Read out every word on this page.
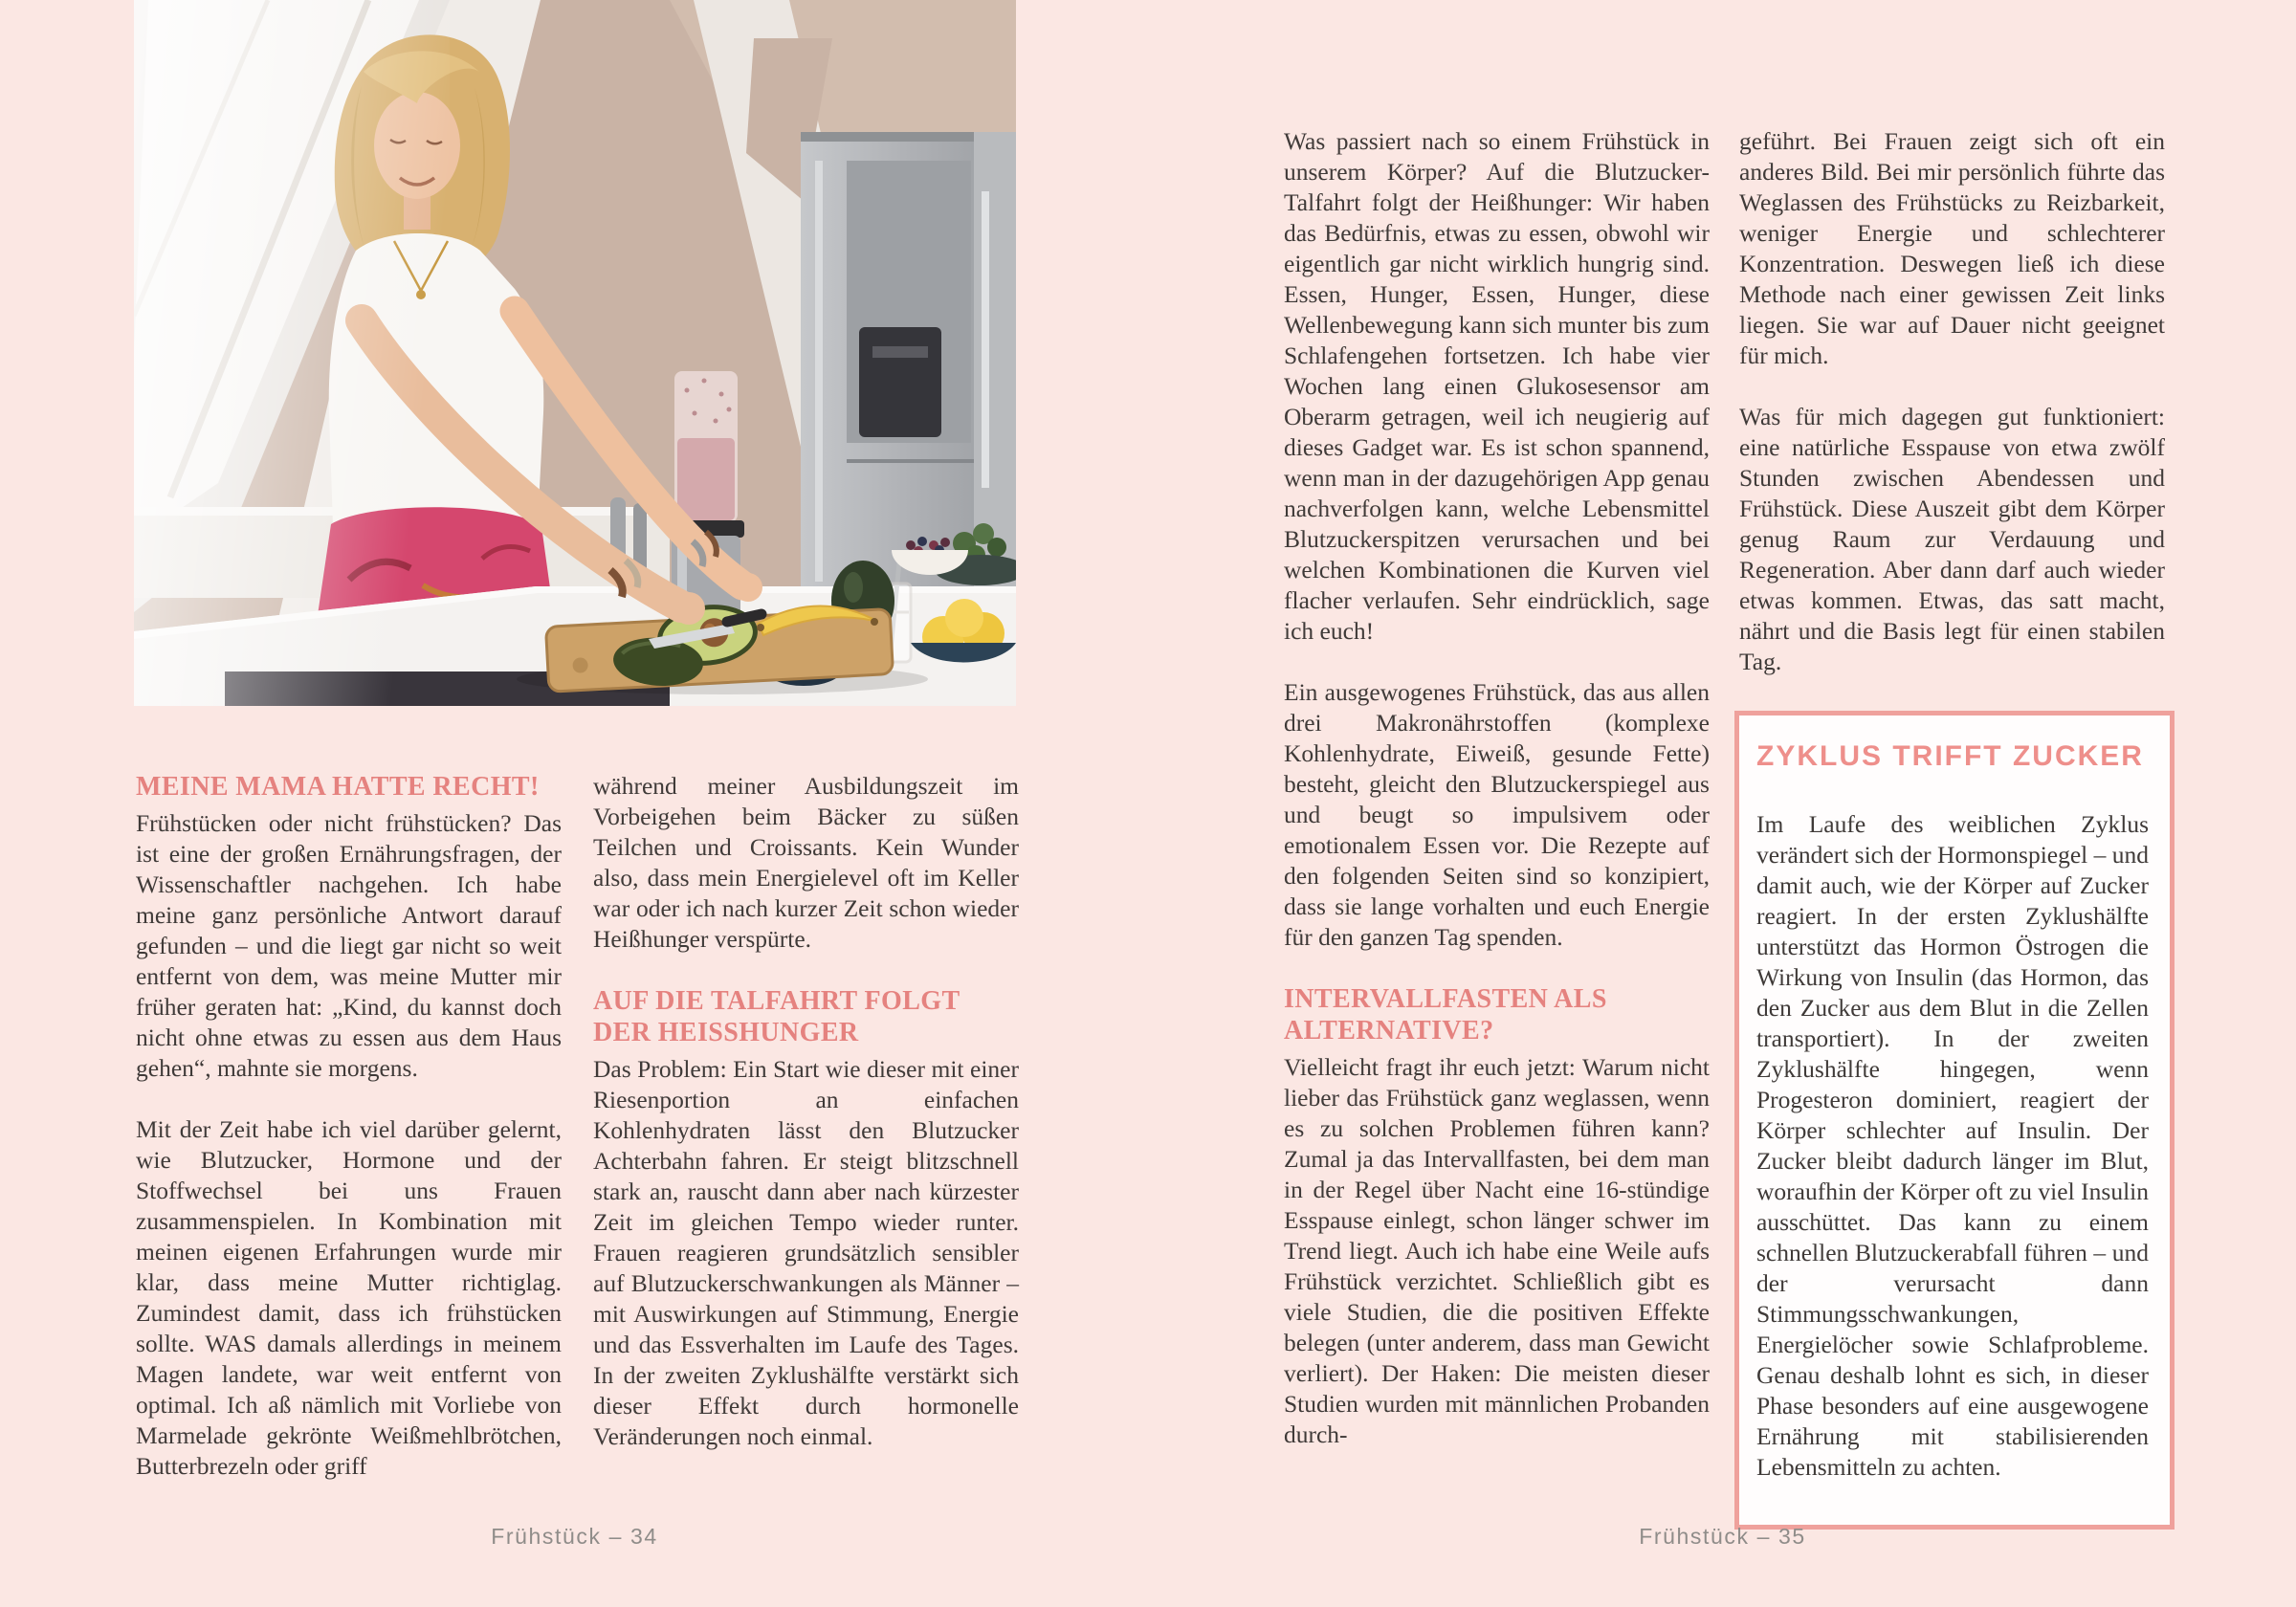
MEINE MAMA HATTE RECHT!

Frühstücken oder nicht frühstücken? Das ist eine der großen Ernährungsfragen, der Wissenschaftler nachgehen. Ich habe meine ganz persönliche Antwort darauf gefunden – und die liegt gar nicht so weit entfernt von dem, was meine Mutter mir früher geraten hat: „Kind, du kannst doch nicht ohne etwas zu essen aus dem Haus gehen“, mahnte sie morgens.

Mit der Zeit habe ich viel darüber gelernt, wie Blutzucker, Hormone und der Stoffwechsel bei uns Frauen zusammenspielen. In Kombination mit meinen eigenen Erfahrungen wurde mir klar, dass meine Mutter richtiglag. Zumindest damit, dass ich frühstücken sollte. WAS damals allerdings in meinem Magen landete, war weit entfernt von optimal. Ich aß nämlich mit Vorliebe von Marmelade gekrönte Weißmehlbrötchen, Butterbrezeln oder griff

während meiner Ausbildungszeit im Vorbeigehen beim Bäcker zu süßen Teilchen und Croissants. Kein Wunder also, dass mein Energielevel oft im Keller war oder ich nach kurzer Zeit schon wieder Heißhunger verspürte.

AUF DIE TALFAHRT FOLGT DER HEISSHUNGER

Das Problem: Ein Start wie dieser mit einer Riesenportion an einfachen Kohlenhydraten lässt den Blutzucker Achterbahn fahren. Er steigt blitzschnell stark an, rauscht dann aber nach kürzester Zeit im gleichen Tempo wieder runter. Frauen reagieren grundsätzlich sensibler auf Blutzuckerschwankungen als Männer – mit Auswirkungen auf Stimmung, Energie und das Essverhalten im Laufe des Tages. In der zweiten Zyklushälfte verstärkt sich dieser Effekt durch hormonelle Veränderungen noch einmal.

Was passiert nach so einem Frühstück in unserem Körper? Auf die Blutzucker-Talfahrt folgt der Heißhunger: Wir haben das Bedürfnis, etwas zu essen, obwohl wir eigentlich gar nicht wirklich hungrig sind. Essen, Hunger, Essen, Hunger, diese Wellenbewegung kann sich munter bis zum Schlafengehen fortsetzen. Ich habe vier Wochen lang einen Glukosesensor am Oberarm getragen, weil ich neugierig auf dieses Gadget war. Es ist schon spannend, wenn man in der dazugehörigen App genau nachverfolgen kann, welche Lebensmittel Blutzuckerspitzen verursachen und bei welchen Kombinationen die Kurven viel flacher verlaufen. Sehr eindrücklich, sage ich euch!

Ein ausgewogenes Frühstück, das aus allen drei Makronährstoffen (komplexe Kohlenhydrate, Eiweiß, gesunde Fette) besteht, gleicht den Blutzuckerspiegel aus und beugt so impulsivem oder emotionalem Essen vor. Die Rezepte auf den folgenden Seiten sind so konzipiert, dass sie lange vorhalten und euch Energie für den ganzen Tag spenden.

INTERVALLFASTEN ALS ALTERNATIVE?

Vielleicht fragt ihr euch jetzt: Warum nicht lieber das Frühstück ganz weglassen, wenn es zu solchen Problemen führen kann? Zumal ja das Intervallfasten, bei dem man in der Regel über Nacht eine 16-stündige Esspause einlegt, schon länger schwer im Trend liegt. Auch ich habe eine Weile aufs Frühstück verzichtet. Schließlich gibt es viele Studien, die die positiven Effekte belegen (unter anderem, dass man Gewicht verliert). Der Haken: Die meisten dieser Studien wurden mit männlichen Probanden durch-

geführt. Bei Frauen zeigt sich oft ein anderes Bild. Bei mir persönlich führte das Weglassen des Frühstücks zu Reizbarkeit, weniger Energie und schlechterer Konzentration. Deswegen ließ ich diese Methode nach einer gewissen Zeit links liegen. Sie war auf Dauer nicht geeignet für mich.

Was für mich dagegen gut funktioniert: eine natürliche Esspause von etwa zwölf Stunden zwischen Abendessen und Frühstück. Diese Auszeit gibt dem Körper genug Raum zur Verdauung und Regeneration. Aber dann darf auch wieder etwas kommen. Etwas, das satt macht, nährt und die Basis legt für einen stabilen Tag.

ZYKLUS TRIFFT ZUCKER

Im Laufe des weiblichen Zyklus verändert sich der Hormonspiegel – und damit auch, wie der Körper auf Zucker reagiert. In der ersten Zyklushälfte unterstützt das Hormon Östrogen die Wirkung von Insulin (das Hormon, das den Zucker aus dem Blut in die Zellen transportiert). In der zweiten Zyklushälfte hingegen, wenn Progesteron dominiert, reagiert der Körper schlechter auf Insulin. Der Zucker bleibt dadurch länger im Blut, woraufhin der Körper oft zu viel Insulin ausschüttet. Das kann zu einem schnellen Blutzuckerabfall führen – und der verursacht dann Stimmungsschwankungen, Energielöcher sowie Schlafprobleme. Genau deshalb lohnt es sich, in dieser Phase besonders auf eine ausgewogene Ernährung mit stabilisierenden Lebensmitteln zu achten.

Frühstück – 34	Frühstück – 35
